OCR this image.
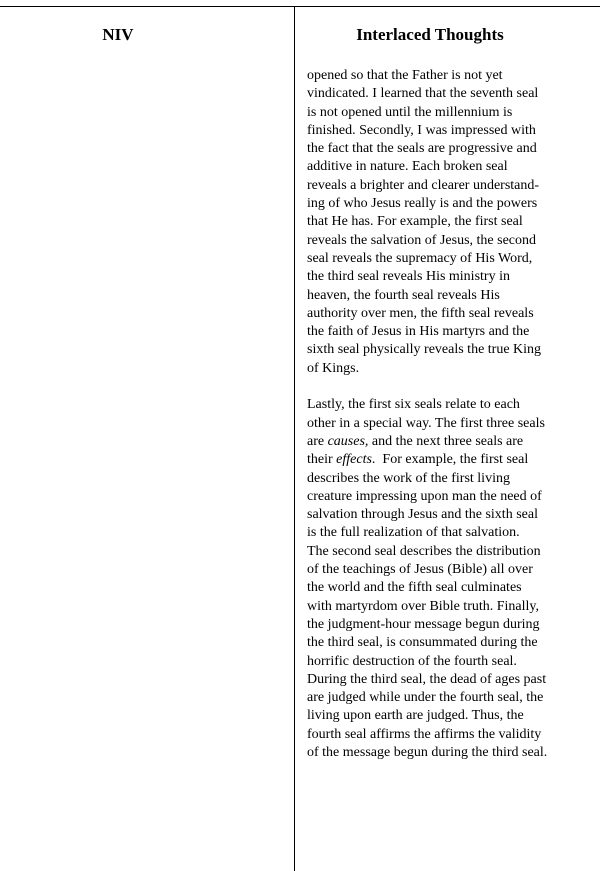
NIV	Interlaced Thoughts

opened so that the Father is not yet
vindicated. I learned that the seventh seal
is not opened until the millennium is
finished. Secondly, I was impressed with
the fact that the seals are progressive and
additive in nature. Each broken seal
reveals a brighter and clearer understand-
ing of who Jesus really is and the powers
that He has. For example, the first seal
reveals the salvation of Jesus, the second
seal reveals the supremacy of His Word,
the third seal reveals His ministry in
heaven, the fourth seal reveals His
authority over men, the fifth seal reveals
the faith of Jesus in His martyrs and the
sixth seal physically reveals the true King
of Kings.

Lastly, the first six seals relate to each
other in a special way. The first three seals
are causes, and the next three seals are
their effects.  For example, the first seal
describes the work of the first living
creature impressing upon man the need of
salvation through Jesus and the sixth seal
is the full realization of that salvation.
The second seal describes the distribution
of the teachings of Jesus (Bible) all over
the world and the fifth seal culminates
with martyrdom over Bible truth. Finally,
the judgment-hour message begun during
the third seal, is consummated during the
horrific destruction of the fourth seal.
During the third seal, the dead of ages past
are judged while under the fourth seal, the
living upon earth are judged. Thus, the
fourth seal affirms the affirms the validity
of the message begun during the third seal.
